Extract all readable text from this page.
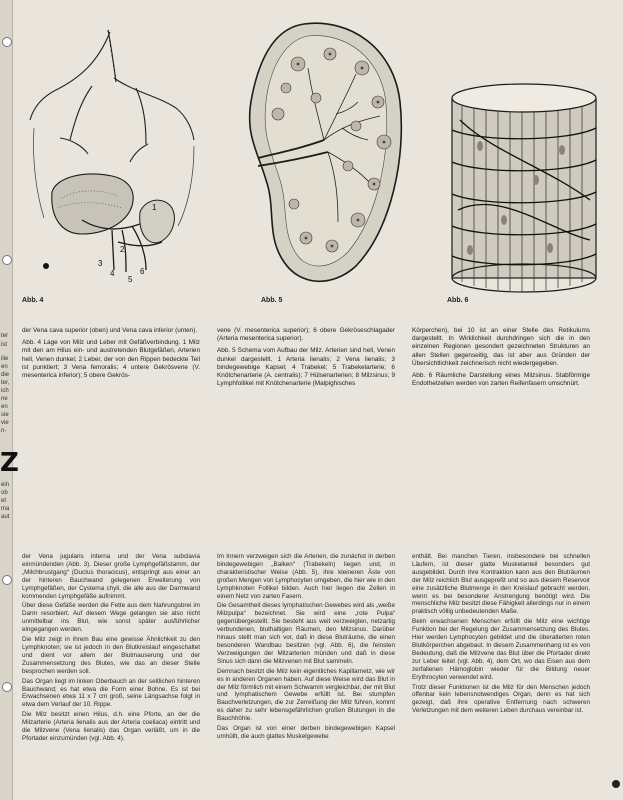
ter
ist
ilie
en
die
ter,
ich
ne
en
sie
vie
n-
Z
ein
ob
et
ma
aut
1
2
3
4
5
6
Abb. 4	Abb. 5	Abb. 6

der Vena cava superior (oben) und Vena cava inferior (unten).

Abb. 4 Lage von Milz und Leber mit Gefäßverbindung. 1 Milz mit den am Hilus ein- und austretenden Blutgefäßen, Arterien hell, Venen dunkel; 2 Leber, der von den Rippen bedeckte Teil ist punktiert; 3 Vena femoralis; 4 untere Gekrösvene (V. mesenterica inferior); 5 obere Gekrös-

vene (V. mesenterica superior); 6 obere Gekröseschlagader (Arteria mesenterica superior).

Abb. 5 Schema vom Aufbau der Milz. Arterien sind hell, Venen dunkel dargestellt. 1 Arteria lienalis; 2 Vena lienalis; 3 bindegewebige Kapsel; 4 Trabekel; 5 Trabekelarterie; 6 Knötchenarterie (A. centralis); 7 Hülsenarterien; 8 Milzsinus; 9 Lymphfollikel mit Knötchenarterie (Malpighisches

Körperchen), bei 10 ist an einer Stelle des Retikulums dargestellt. In Wirklichkeit durchdringen sich die in den einzelnen Regionen gesondert gezeichneten Strukturen an allen Stellen gegenseitig, das ist aber aus Gründen der Übersichtlichkeit zeichnerisch nicht wiedergegeben.

Abb. 6 Räumliche Darstellung eines Milzsinus. Stabförmige Endothelzellen werden von zarten Reifenfasern umschnürt.

der Vena jugularis interna und der Vena subclavia einmündenden (Abb. 3). Dieser große Lymphgefäßstamm, der „Milchbrustgang“ (Ductus thoracicus), entspringt aus einer an der hinteren Bauchwand gelegenen Erweiterung von Lymphgefäßen, der Cysterna chyli, die alle aus der Darmwand kommenden Lymphgefäße aufnimmt.

Über diese Gefäße werden die Fette aus dem Nahrungsbrei im Darm resorbiert. Auf diesem Wege gelangen sie also nicht unmittelbar ins Blut, wie sonst später ausführlicher eingegangen werden.

Die Milz zeigt in ihrem Bau eine gewisse Ähnlichkeit zu den Lymphknoten; sie ist jedoch in den Blutkreislauf eingeschaltet und dient vor allem der Blutmauserung und der Zusammensetzung des Blutes, wie das an dieser Stelle besprochen werden soll.

Das Organ liegt im linken Oberbauch an der seitlichen hinteren Bauchwand; es hat etwa die Form einer Bohne. Es ist bei Erwachsenen etwa 11 x 7 cm groß, seine Längsachse folgt in etwa dem Verlauf der 10. Rippe.

Die Milz besitzt einen Hilus, d.h. eine Pforte, an der die Milzarterie (Arteria lienalis aus der Arteria coeliaca) eintritt und die Milzvene (Vena lienalis) das Organ verläßt, um in die Pfortader einzumünden (vgl. Abb. 4).

Im Innern verzweigen sich die Arterien, die zunächst in derben bindegewebigen „Balken“ (Trabekeln) liegen und, in charakteristischer Weise (Abb. 5), ihre kleineren Äste von großen Mengen von Lymphocyten umgeben, die hier wie in den Lymphknoten Follikel bilden. Auch hier liegen die Zellen in einem Netz von zarten Fasern.

Die Gesamtheit dieses lymphatischen Gewebes wird als „weiße Milzpulpa“ bezeichnet. Sie wird eine „rote Pulpa“ gegenübergestellt. Sie besteht aus weit verzweigten, netzartig verbundenen, bluthaltigen Räumen, den Milzsinus. Darüber hinaus stellt man sich vor, daß in diese Bluträume, die einen besonderen Wandbau besitzen (vgl. Abb. 6), die feinsten Verzweigungen der Milzarterien münden und daß in diese Sinus sich dann die Milzvenen mit Blut sammeln.

Demnach besitzt die Milz kein eigentliches Kapillarnetz, wie wir es in anderen Organen haben. Auf diese Weise wird das Blut in der Milz förmlich mit einem Schwamm vergleichbar, der mit Blut und lymphatischem Gewebe erfüllt ist. Bei stumpfen Bauchverletzungen, die zur Zerreißung der Milz führen, kommt es daher zu sehr lebensgefährlichen großen Blutungen in die Bauchhöhle.

Das Organ ist von einer derben bindegewebigen Kapsel umhüllt, die auch glattes Muskelgewebe

enthält. Bei manchen Tieren, insbesondere bei schnellen Läufern, ist dieser glatte Muskelanteil besonders gut ausgebildet. Durch ihre Kontraktion kann aus den Bluträumen der Milz reichlich Blut ausgepreßt und so aus diesem Reservoir eine zusätzliche Blutmenge in den Kreislauf gebracht werden, wenn es bei besonderer Anstrengung benötigt wird. Die menschliche Milz besitzt diese Fähigkeit allerdings nur in einem praktisch völlig unbedeutenden Maße.

Beim erwachsenen Menschen erfüllt die Milz eine wichtige Funktion bei der Regelung der Zusammensetzung des Blutes. Hier werden Lymphocyten gebildet und die überalterten roten Blutkörperchen abgebaut. In diesem Zusammenhang ist es von Bedeutung, daß die Milzvene das Blut über die Pfortader direkt zur Leber leitet (vgl. Abb. 4), dem Ort, wo das Eisen aus dem zerfallenen Hämoglobin wieder für die Bildung neuer Erythrocyten verwendet wird.

Trotz dieser Funktionen ist die Milz für den Menschen jedoch offenbar kein lebensnotwendiges Organ, denn es hat sich gezeigt, daß ihre operative Entfernung nach schweren Verletzungen mit dem weiteren Leben durchaus vereinbar ist.
